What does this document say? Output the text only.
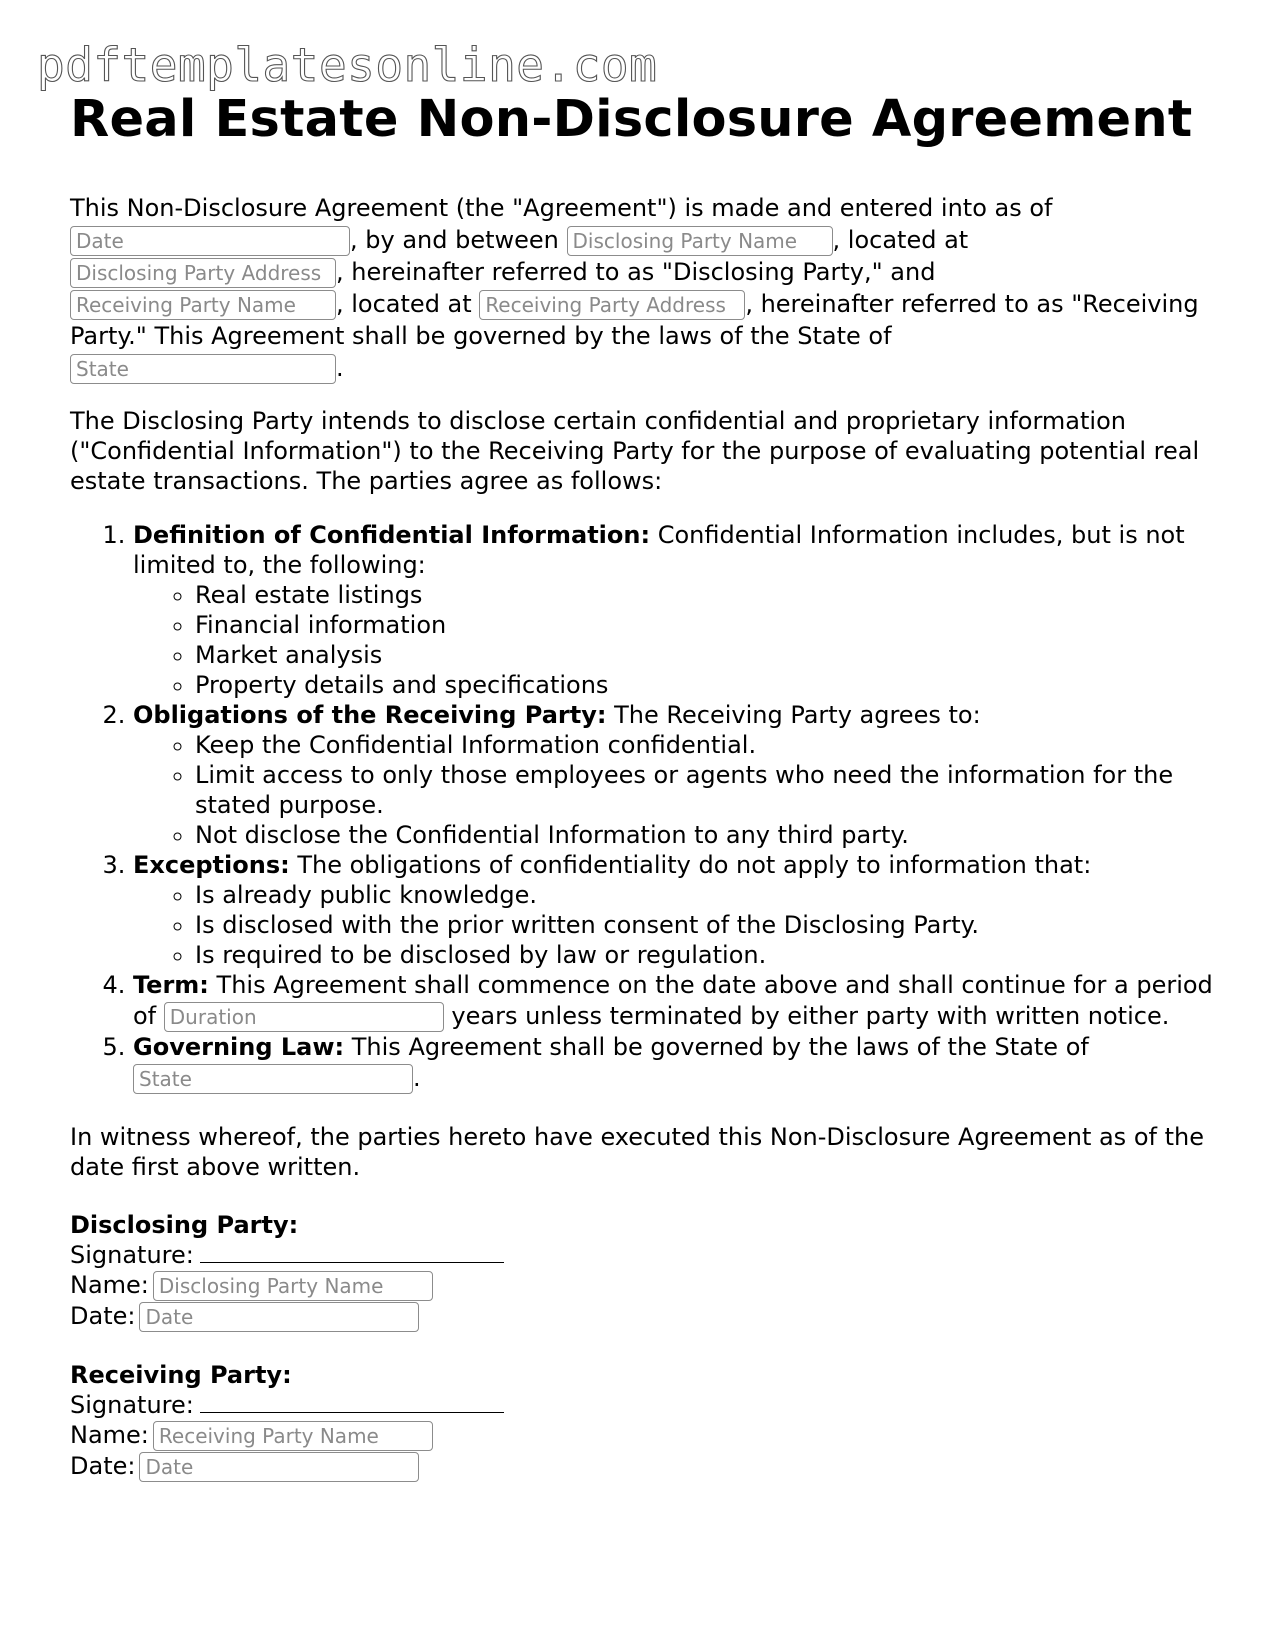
pdftemplatesonline.com
Real Estate Non-Disclosure Agreement

This Non-Disclosure Agreement (the "Agreement") is made and entered into as of
Date, by and between Disclosing Party Name	, located at
Disclosing Party Address, hereinafter referred to as "Disclosing Party," and
Receiving Party Name, located at Receiving Party Address	, hereinafter referred to as "Receiving Party." This Agreement shall be governed by the laws of the State of
State.

The Disclosing Party intends to disclose certain confidential and proprietary information ("Confidential Information") to the Receiving Party for the purpose of evaluating potential real estate transactions. The parties agree as follows:

1. Definition of Confidential Information: Confidential Information includes, but is not limited to, the following:
◦ Real estate listings
◦ Financial information
◦ Market analysis
◦ Property details and specifications
2. Obligations of the Receiving Party: The Receiving Party agrees to:
◦ Keep the Confidential Information confidential.
◦ Limit access to only those employees or agents who need the information for the stated purpose.
◦ Not disclose the Confidential Information to any third party.
3. Exceptions: The obligations of confidentiality do not apply to information that:
◦ Is already public knowledge.
◦ Is disclosed with the prior written consent of the Disclosing Party.
◦ Is required to be disclosed by law or regulation.
4. Term: This Agreement shall commence on the date above and shall continue for a period of Duration	years unless terminated by either party with written notice.
5. Governing Law: This Agreement shall be governed by the laws of the State of
State.

In witness whereof, the parties hereto have executed this Non-Disclosure Agreement as of the date first above written.

Disclosing Party:
Signature:
Name:Disclosing Party Name
Date:Date
Receiving Party:
Signature:
Name:Receiving Party Name
Date:Date
